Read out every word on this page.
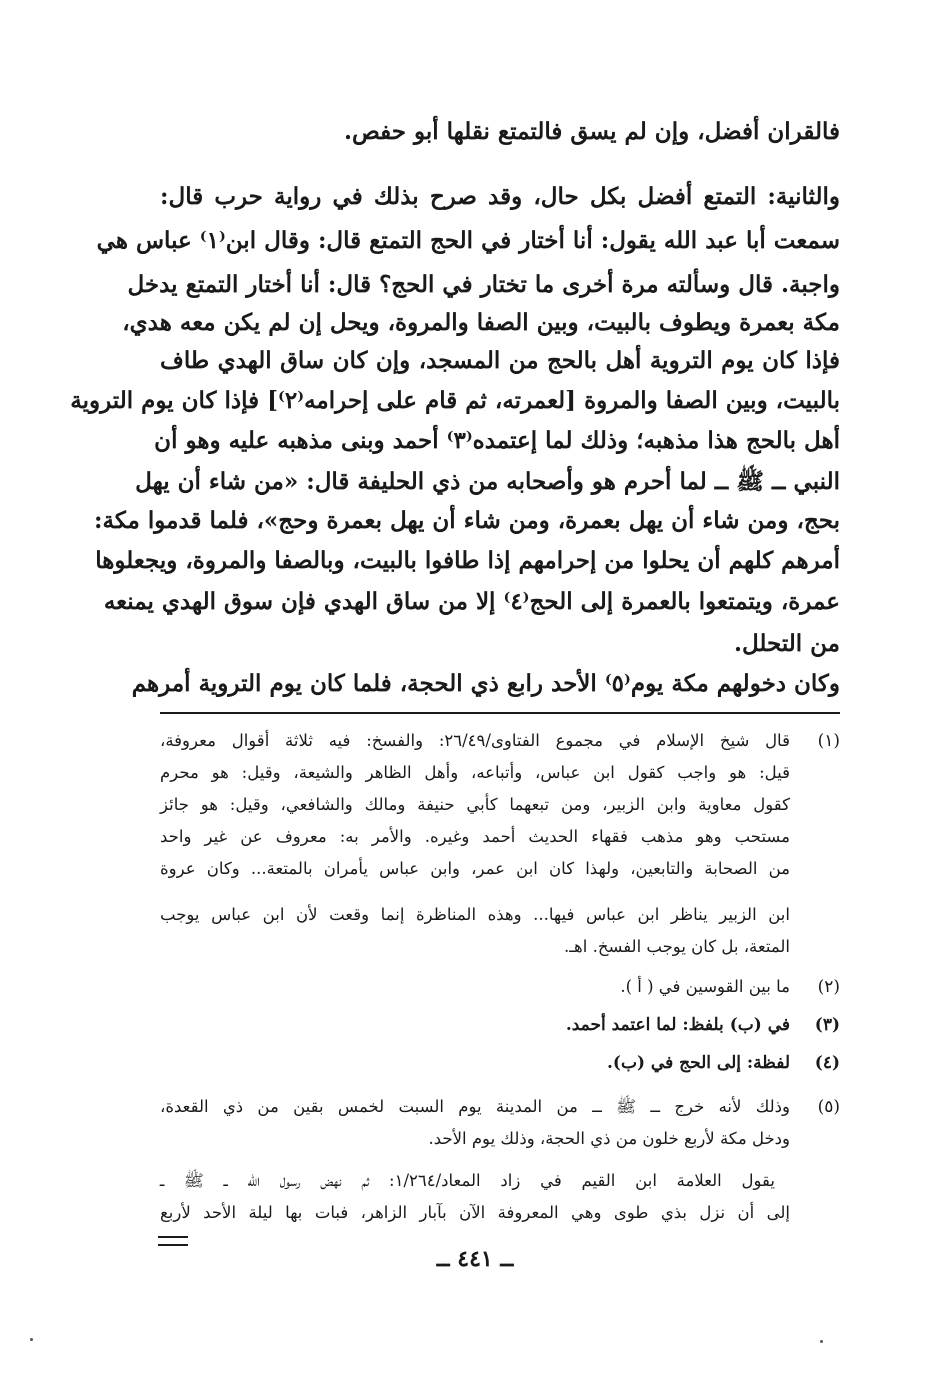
فالقران أفضل، وإن لم يسق فالتمتع نقلها أبو حفص.
والثانية: التمتع أفضل بكل حال، وقد صرح بذلك في رواية حرب قال:
سمعت أبا عبد الله يقول: أنا أختار في الحج التمتع قال: وقال ابن⁽١⁾ عباس هي
واجبة. قال وسألته مرة أخرى ما تختار في الحج؟ قال: أنا أختار التمتع يدخل
مكة بعمرة ويطوف بالبيت، وبين الصفا والمروة، ويحل إن لم يكن معه هدي،
فإذا كان يوم التروية أهل بالحج من المسجد، وإن كان ساق الهدي طاف
بالبيت، وبين الصفا والمروة [لعمرته، ثم قام على إحرامه⁽٢⁾] فإذا كان يوم التروية
أهل بالحج هذا مذهبه؛ وذلك لما إعتمده⁽٣⁾ أحمد وبنى مذهبه عليه وهو أن
النبي ــ ﷺ ــ لما أحرم هو وأصحابه من ذي الحليفة قال: «من شاء أن يهل
بحج، ومن شاء أن يهل بعمرة، ومن شاء أن يهل بعمرة وحج»، فلما قدموا مكة:
أمرهم كلهم أن يحلوا من إحرامهم إذا طافوا بالبيت، وبالصفا والمروة، ويجعلوها
عمرة، ويتمتعوا بالعمرة إلى الحج⁽٤⁾ إلا من ساق الهدي فإن سوق الهدي يمنعه
من التحلل.
وكان دخولهم مكة يوم⁽٥⁾ الأحد رابع ذي الحجة، فلما كان يوم التروية أمرهم
(١)
قال شيخ الإسلام في مجموع الفتاوى/٢٦/٤٩: والفسخ: فيه ثلاثة أقوال معروفة،
قيل: هو واجب كقول ابن عباس، وأتباعه، وأهل الظاهر والشيعة، وقيل: هو محرم
كقول معاوية وابن الزبير، ومن تبعهما كأبي حنيفة ومالك والشافعي، وقيل: هو جائز
مستحب وهو مذهب فقهاء الحديث أحمد وغيره. والأمر به: معروف عن غير واحد
من الصحابة والتابعين، ولهذا كان ابن عمر، وابن عباس يأمران بالمتعة... وكان عروة
ابن الزبير يناظر ابن عباس فيها... وهذه المناظرة إنما وقعت لأن ابن عباس يوجب
المتعة، بل كان يوجب الفسخ. اهـ.
(٢)
ما بين القوسين في ( أ ).
(٣)
في (ب) بلفظ: لما اعتمد أحمد.
(٤)
لفظة: إلى الحج في (ب).
(٥)
وذلك لأنه خرج ــ ﷺ ــ من المدينة يوم السبت لخمس بقين من ذي القعدة،
ودخل مكة لأربع خلون من ذي الحجة، وذلك يوم الأحد.
يقول العلامة ابن القيم في زاد المعاد/١/٢٦٤: ثم نهض رسول الله ــ ﷺ ــ
إلى أن نزل بذي طوى وهي المعروفة الآن بآبار الزاهر، فبات بها ليلة الأحد لأربع
ــ ٤٤١ ــ
